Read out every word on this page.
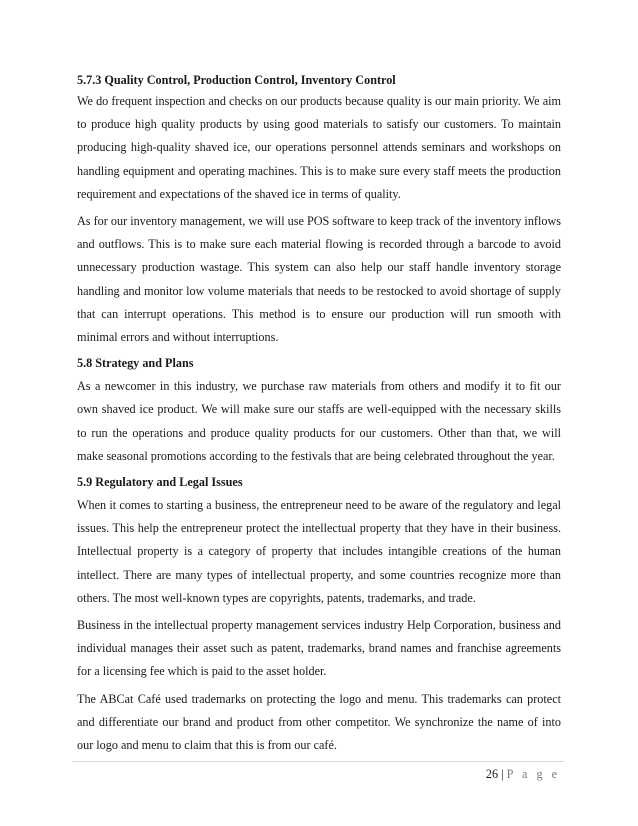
5.7.3 Quality Control, Production Control, Inventory Control

We do frequent inspection and checks on our products because quality is our main priority. We aim to produce high quality products by using good materials to satisfy our customers. To maintain producing high-quality shaved ice, our operations personnel attends seminars and workshops on handling equipment and operating machines. This is to make sure every staff meets the production requirement and expectations of the shaved ice in terms of quality.

As for our inventory management, we will use POS software to keep track of the inventory inflows and outflows. This is to make sure each material flowing is recorded through a barcode to avoid unnecessary production wastage. This system can also help our staff handle inventory storage handling and monitor low volume materials that needs to be restocked to avoid shortage of supply that can interrupt operations. This method is to ensure our production will run smooth with minimal errors and without interruptions.

5.8 Strategy and Plans

As a newcomer in this industry, we purchase raw materials from others and modify it to fit our own shaved ice product. We will make sure our staffs are well-equipped with the necessary skills to run the operations and produce quality products for our customers. Other than that, we will make seasonal promotions according to the festivals that are being celebrated throughout the year.

5.9 Regulatory and Legal Issues

When it comes to starting a business, the entrepreneur need to be aware of the regulatory and legal issues. This help the entrepreneur protect the intellectual property that they have in their business. Intellectual property is a category of property that includes intangible creations of the human intellect. There are many types of intellectual property, and some countries recognize more than others. The most well-known types are copyrights, patents, trademarks, and trade.

Business in the intellectual property management services industry Help Corporation, business and individual manages their asset such as patent, trademarks, brand names and franchise agreements for a licensing fee which is paid to the asset holder.

The ABCat Café used trademarks on protecting the logo and menu. This trademarks can protect and differentiate our brand and product from other competitor. We synchronize the name of into our logo and menu to claim that this is from our café.

26 | P a g e
